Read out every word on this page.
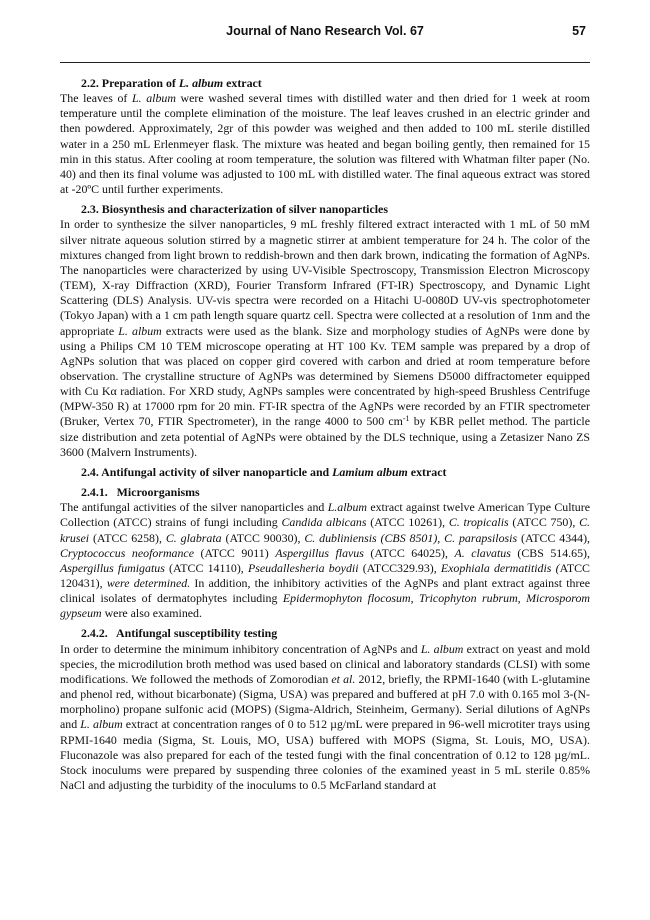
Journal of Nano Research Vol. 67	57
2.2. Preparation of L. album extract

The leaves of L. album were washed several times with distilled water and then dried for 1 week at room temperature until the complete elimination of the moisture. The leaf leaves crushed in an electric grinder and then powdered. Approximately, 2gr of this powder was weighed and then added to 100 mL sterile distilled water in a 250 mL Erlenmeyer flask. The mixture was heated and began boiling gently, then remained for 15 min in this status. After cooling at room temperature, the solution was filtered with Whatman filter paper (No. 40) and then its final volume was adjusted to 100 mL with distilled water. The final aqueous extract was stored at -20ºC until further experiments.

2.3. Biosynthesis and characterization of silver nanoparticles

In order to synthesize the silver nanoparticles, 9 mL freshly filtered extract interacted with 1 mL of 50 mM silver nitrate aqueous solution stirred by a magnetic stirrer at ambient temperature for 24 h. The color of the mixtures changed from light brown to reddish-brown and then dark brown, indicating the formation of AgNPs. The nanoparticles were characterized by using UV-Visible Spectroscopy, Transmission Electron Microscopy (TEM), X-ray Diffraction (XRD), Fourier Transform Infrared (FT-IR) Spectroscopy, and Dynamic Light Scattering (DLS) Analysis. UV-vis spectra were recorded on a Hitachi U-0080D UV-vis spectrophotometer (Tokyo Japan) with a 1 cm path length square quartz cell. Spectra were collected at a resolution of 1nm and the appropriate L. album extracts were used as the blank. Size and morphology studies of AgNPs were done by using a Philips CM 10 TEM microscope operating at HT 100 Kv. TEM sample was prepared by a drop of AgNPs solution that was placed on copper gird covered with carbon and dried at room temperature before observation. The crystalline structure of AgNPs was determined by Siemens D5000 diffractometer equipped with Cu Kα radiation. For XRD study, AgNPs samples were concentrated by high-speed Brushless Centrifuge (MPW-350 R) at 17000 rpm for 20 min. FT-IR spectra of the AgNPs were recorded by an FTIR spectrometer (Bruker, Vertex 70, FTIR Spectrometer), in the range 4000 to 500 $cm^{-1}$ by KBR pellet method. The particle size distribution and zeta potential of AgNPs were obtained by the DLS technique, using a Zetasizer Nano ZS 3600 (Malvern Instruments).

2.4. Antifungal activity of silver nanoparticle and Lamium album extract
2.4.1.   Microorganisms

The antifungal activities of the silver nanoparticles and L.album extract against twelve American Type Culture Collection (ATCC) strains of fungi including Candida albicans (ATCC 10261), C. tropicalis (ATCC 750), C. krusei (ATCC 6258), C. glabrata (ATCC 90030), C. dubliniensis (CBS 8501), C. parapsilosis (ATCC 4344), Cryptococcus neoformance (ATCC 9011) Aspergillus flavus (ATCC 64025), A. clavatus (CBS 514.65), Aspergillus fumigatus (ATCC 14110), Pseudallesheria boydii (ATCC329.93), Exophiala dermatitidis (ATCC 120431), were determined. In addition, the inhibitory activities of the AgNPs and plant extract against three clinical isolates of dermatophytes including Epidermophyton flocosum, Tricophyton rubrum, Microsporom gypseum were also examined.

2.4.2.   Antifungal susceptibility testing

In order to determine the minimum inhibitory concentration of AgNPs and L. album extract on yeast and mold species, the microdilution broth method was used based on clinical and laboratory standards (CLSI) with some modifications. We followed the methods of Zomorodian et al. 2012, briefly, the RPMI-1640 (with L-glutamine and phenol red, without bicarbonate) (Sigma, USA) was prepared and buffered at pH 7.0 with 0.165 mol 3-(N-morpholino) propane sulfonic acid (MOPS) (Sigma-Aldrich, Steinheim, Germany). Serial dilutions of AgNPs and L. album extract at concentration ranges of 0 to 512 µg/mL were prepared in 96-well microtiter trays using RPMI-1640 media (Sigma, St. Louis, MO, USA) buffered with MOPS (Sigma, St. Louis, MO, USA). Fluconazole was also prepared for each of the tested fungi with the final concentration of 0.12 to 128 µg/mL. Stock inoculums were prepared by suspending three colonies of the examined yeast in 5 mL sterile 0.85% NaCl and adjusting the turbidity of the inoculums to 0.5 McFarland standard at
